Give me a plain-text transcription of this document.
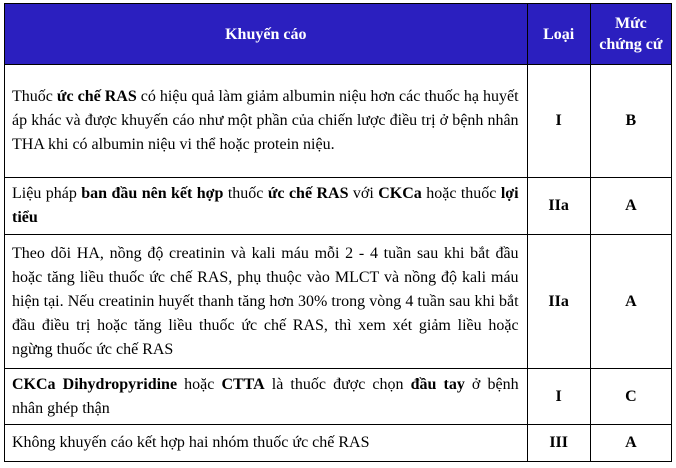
Khuyến cáo	Loại	Mức chứng cứ
Thuốc ức chế RAS có hiệu quả làm giảm albumin niệu hơn các thuốc hạ huyết áp khác và được khuyến cáo như một phần của chiến lược điều trị ở bệnh nhân THA khi có albumin niệu vi thể hoặc protein niệu.	I	B
Liệu pháp ban đầu nên kết hợp thuốc ức chế RAS với CKCa hoặc thuốc lợi tiểu	IIa	A
Theo dõi HA, nồng độ creatinin và kali máu mỗi 2 - 4 tuần sau khi bắt đầu hoặc tăng liều thuốc ức chế RAS, phụ thuộc vào MLCT và nồng độ kali máu hiện tại. Nếu creatinin huyết thanh tăng hơn 30% trong vòng 4 tuần sau khi bắt đầu điều trị hoặc tăng liều thuốc ức chế RAS, thì xem xét giảm liều hoặc ngừng thuốc ức chế RAS	IIa	A
CKCa Dihydropyridine hoặc CTTA là thuốc được chọn đầu tay ở bệnh nhân ghép thận	I	C
Không khuyến cáo kết hợp hai nhóm thuốc ức chế RAS	III	A
